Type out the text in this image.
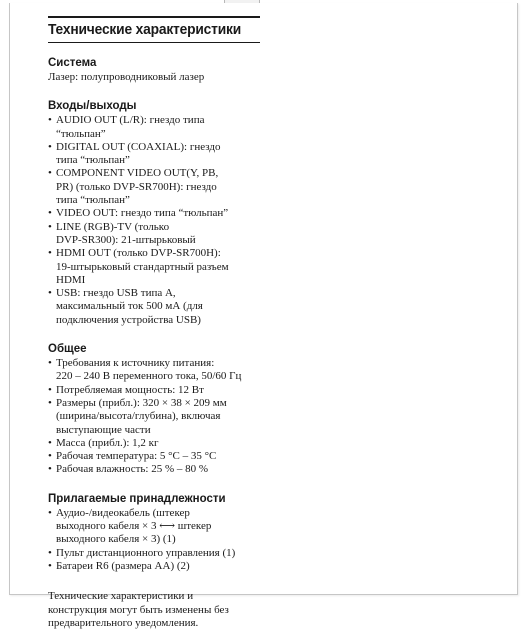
Технические характеристики
Система
Лазер: полупроводниковый лазер
Входы/выходы
• AUDIO OUT (L/R): гнездо типа
“тюльпан”
• DIGITAL OUT (COAXIAL): гнездо
типа “тюльпан”
• COMPONENT VIDEO OUT(Y, PB,
PR) (только DVP-SR700H): гнездо
типа “тюльпан”
• VIDEO OUT: гнездо типа “тюльпан”
• LINE (RGB)-TV (только
DVP-SR300): 21-штырьковый
• HDMI OUT (только DVP-SR700H):
19-штырьковый стандартный разъем
HDMI
• USB: гнездо USB типа A,
максимальный ток 500 мА (для
подключения устройства USB)
Общее
• Требования к источнику питания:
220 – 240 В переменного тока, 50/60 Гц
• Потребляемая мощность: 12 Вт
• Размеры (прибл.): 320 × 38 × 209 мм
(ширина/высота/глубина), включая
выступающие части
• Масса (прибл.): 1,2 кг
• Рабочая температура: 5 °C – 35 °C
• Рабочая влажность: 25 % – 80 %
Прилагаемые принадлежности
• Аудио-/видеокабель (штекер
выходного кабеля × 3 ⟷ штекер
выходного кабеля × 3) (1)
• Пульт дистанционного управления (1)
• Батареи R6 (размера AA) (2)
Технические характеристики и
конструкция могут быть изменены без
предварительного уведомления.
